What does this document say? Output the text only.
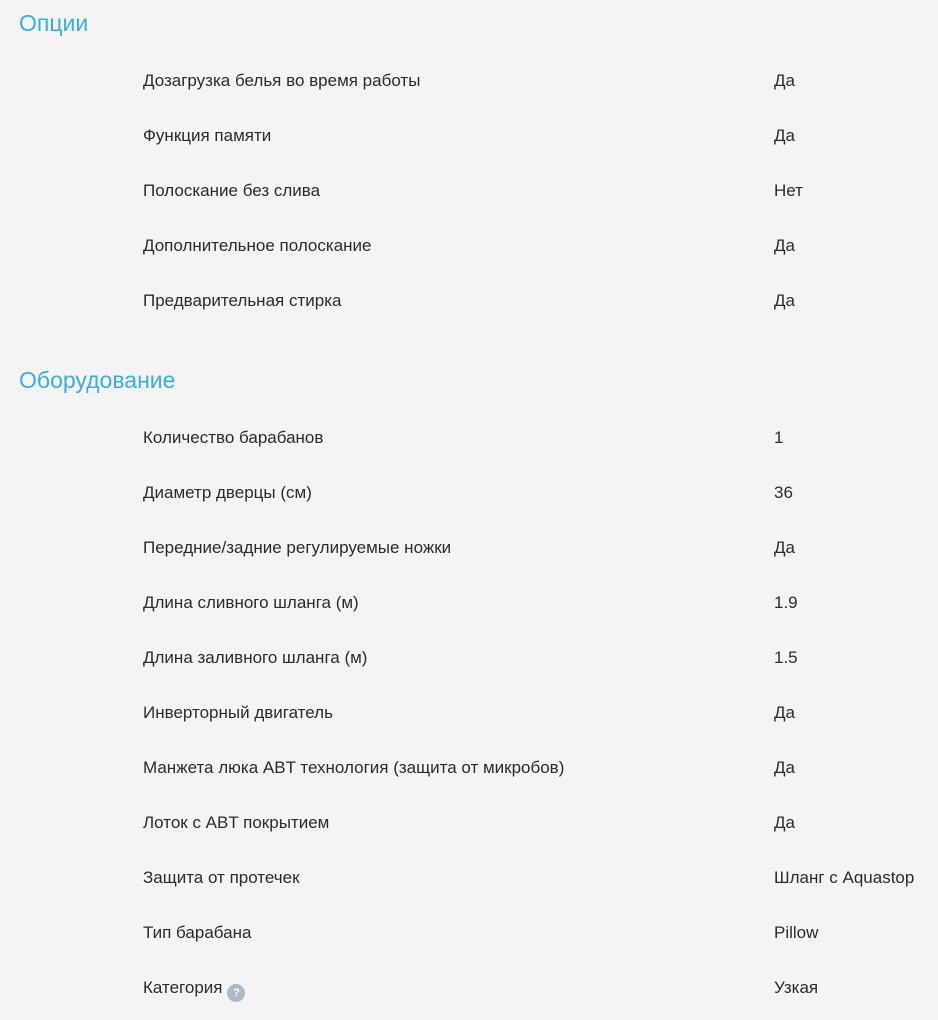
Опции
Дозагрузка белья во время работы	Да
Функция памяти	Да
Полоскание без слива	Нет
Дополнительное полоскание	Да
Предварительная стирка	Да
Оборудование
Количество барабанов	1
Диаметр дверцы (см)	36
Передние/задние регулируемые ножки	Да
Длина сливного шланга (м)	1.9
Длина заливного шланга (м)	1.5
Инверторный двигатель	Да
Манжета люка ABT технология (защита от микробов)	Да
Лоток с ABT покрытием	Да
Защита от протечек	Шланг с Aquastop
Тип барабана	Pillow
Категория ?	Узкая
